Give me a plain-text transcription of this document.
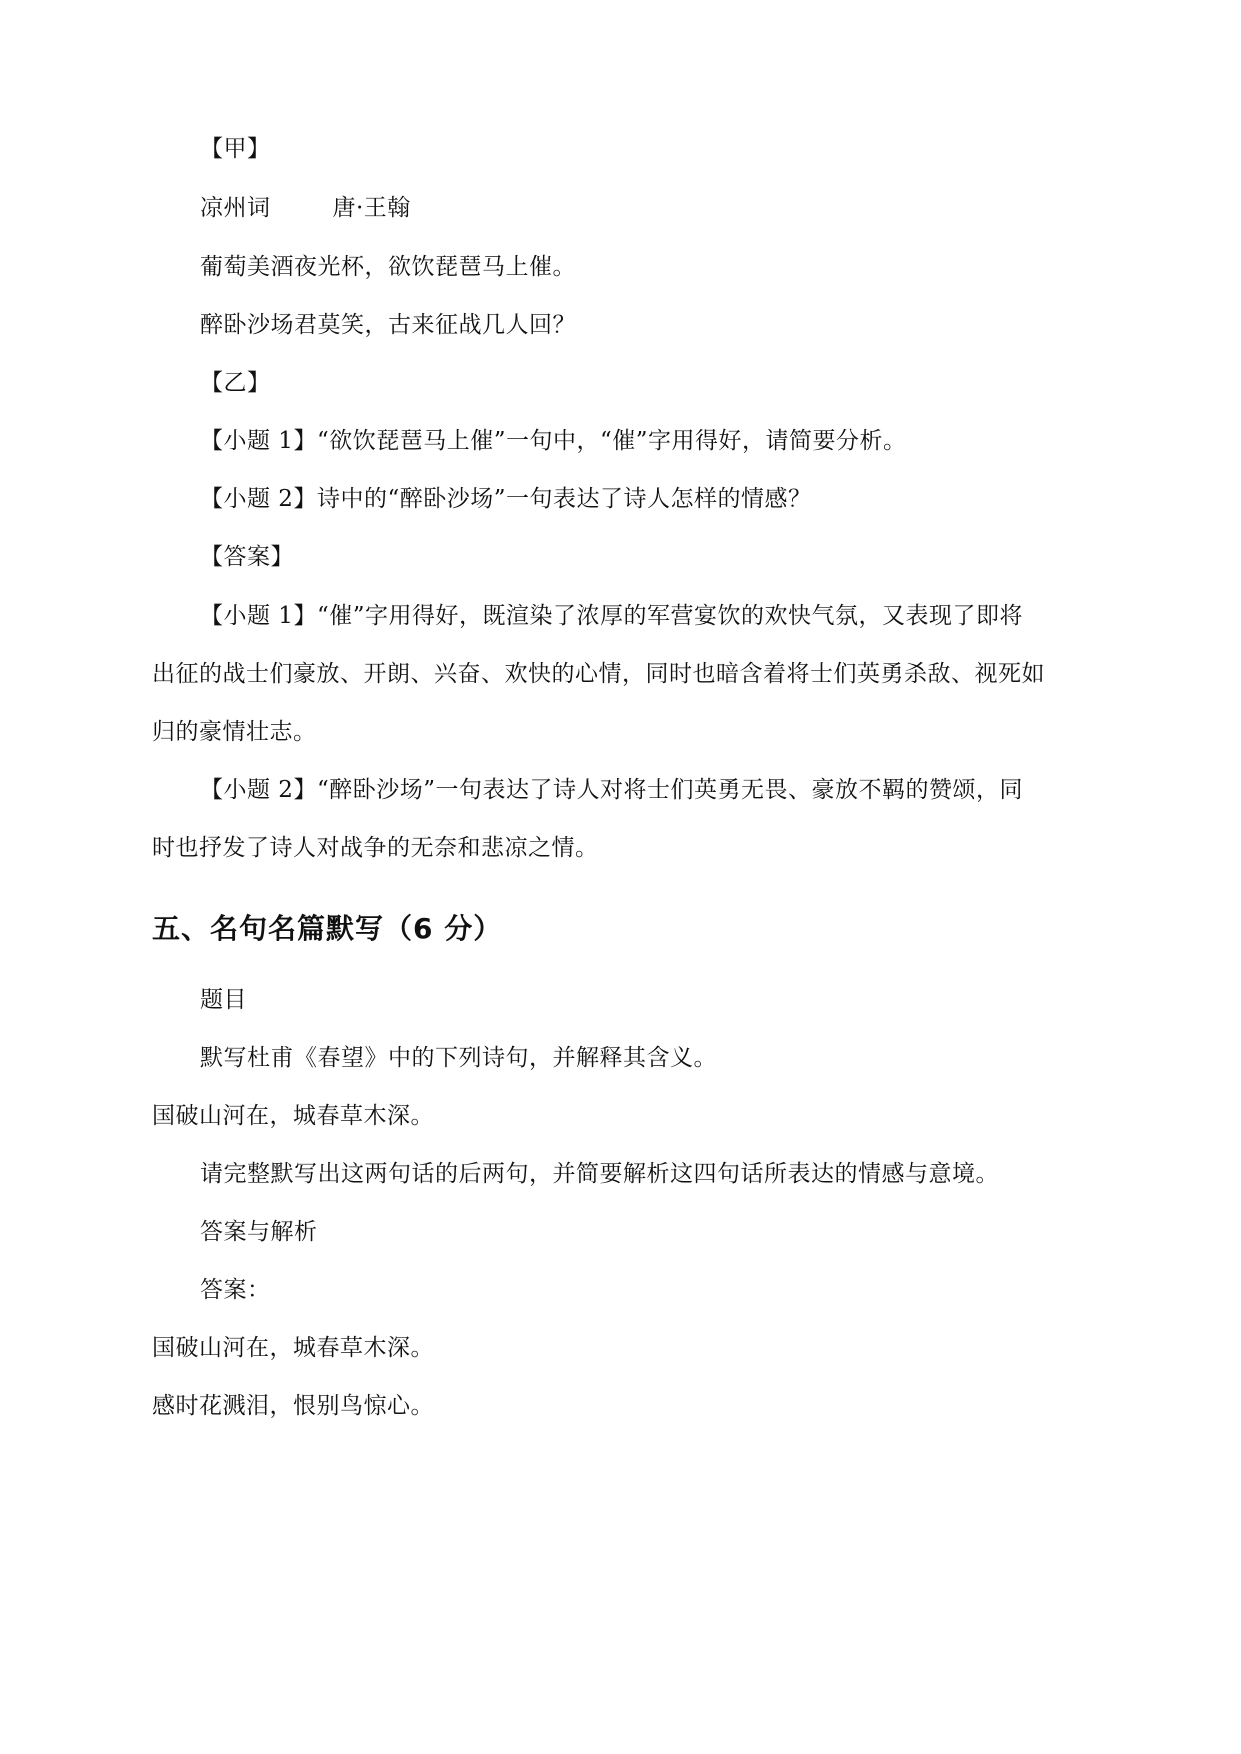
【甲】
凉州词	唐·王翰
葡萄美酒夜光杯，欲饮琵琶马上催。
醉卧沙场君莫笑，古来征战几人回？
【乙】
【小题 1】“欲饮琵琶马上催”一句中，“催”字用得好，请简要分析。
【小题 2】诗中的“醉卧沙场”一句表达了诗人怎样的情感？
【答案】
【小题 1】“催”字用得好，既渲染了浓厚的军营宴饮的欢快气氛，又表现了即将
出征的战士们豪放、开朗、兴奋、欢快的心情，同时也暗含着将士们英勇杀敌、视死如
归的豪情壮志。
【小题 2】“醉卧沙场”一句表达了诗人对将士们英勇无畏、豪放不羁的赞颂，同
时也抒发了诗人对战争的无奈和悲凉之情。
五、名句名篇默写（6 分）
题目
默写杜甫《春望》中的下列诗句，并解释其含义。
国破山河在，城春草木深。
请完整默写出这两句话的后两句，并简要解析这四句话所表达的情感与意境。
答案与解析
答案：
国破山河在，城春草木深。
感时花溅泪，恨别鸟惊心。
